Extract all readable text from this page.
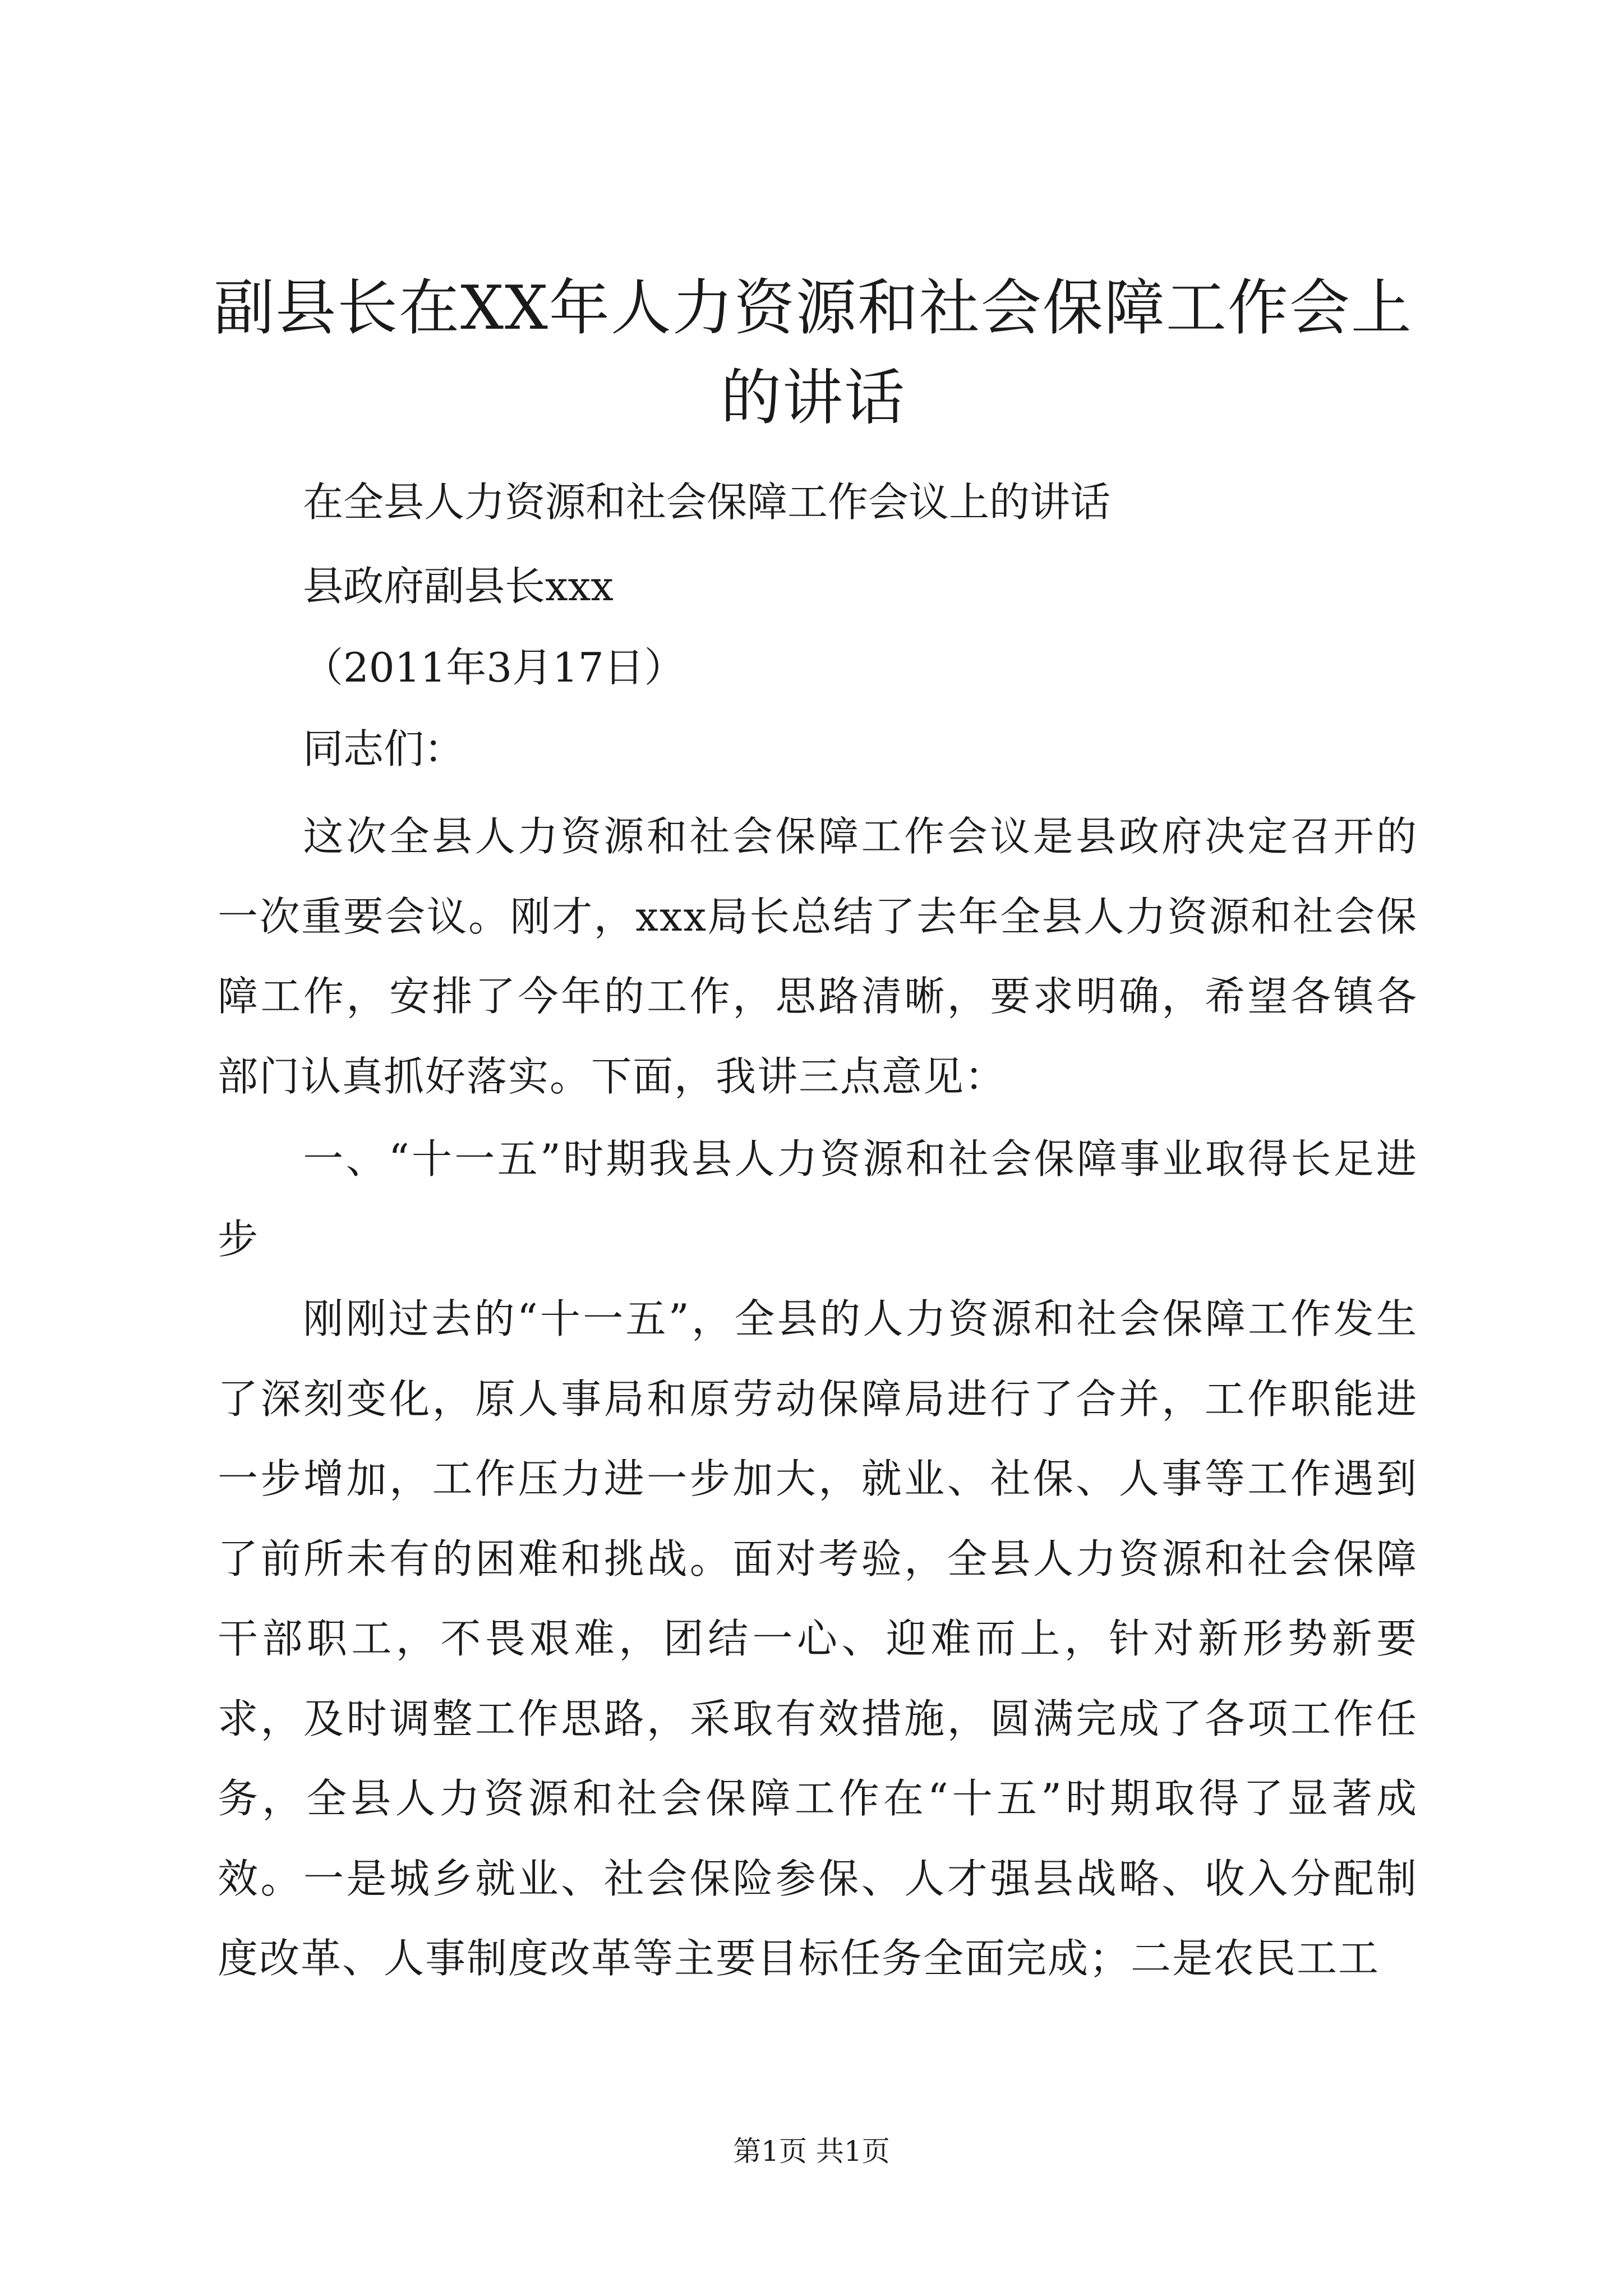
副县长在XX年人力资源和社会保障工作会上的讲话
在全县人力资源和社会保障工作会议上的讲话
县政府副县长xxx
（2011年3月17日）
同志们：
这次全县人力资源和社会保障工作会议是县政府决定召开的一次重要会议。刚才，xxx局长总结了去年全县人力资源和社会保障工作，安排了今年的工作，思路清晰，要求明确，希望各镇各部门认真抓好落实。下面，我讲三点意见：
一、“十一五”时期我县人力资源和社会保障事业取得长足进步
刚刚过去的“十一五”，全县的人力资源和社会保障工作发生了深刻变化，原人事局和原劳动保障局进行了合并，工作职能进一步增加，工作压力进一步加大，就业、社保、人事等工作遇到了前所未有的困难和挑战。面对考验，全县人力资源和社会保障干部职工，不畏艰难，团结一心、迎难而上，针对新形势新要求，及时调整工作思路，采取有效措施，圆满完成了各项工作任务，全县人力资源和社会保障工作在“十五”时期取得了显著成效。一是城乡就业、社会保险参保、人才强县战略、收入分配制度改革、人事制度改革等主要目标任务全面完成；二是农民工工
第1页 共1页
